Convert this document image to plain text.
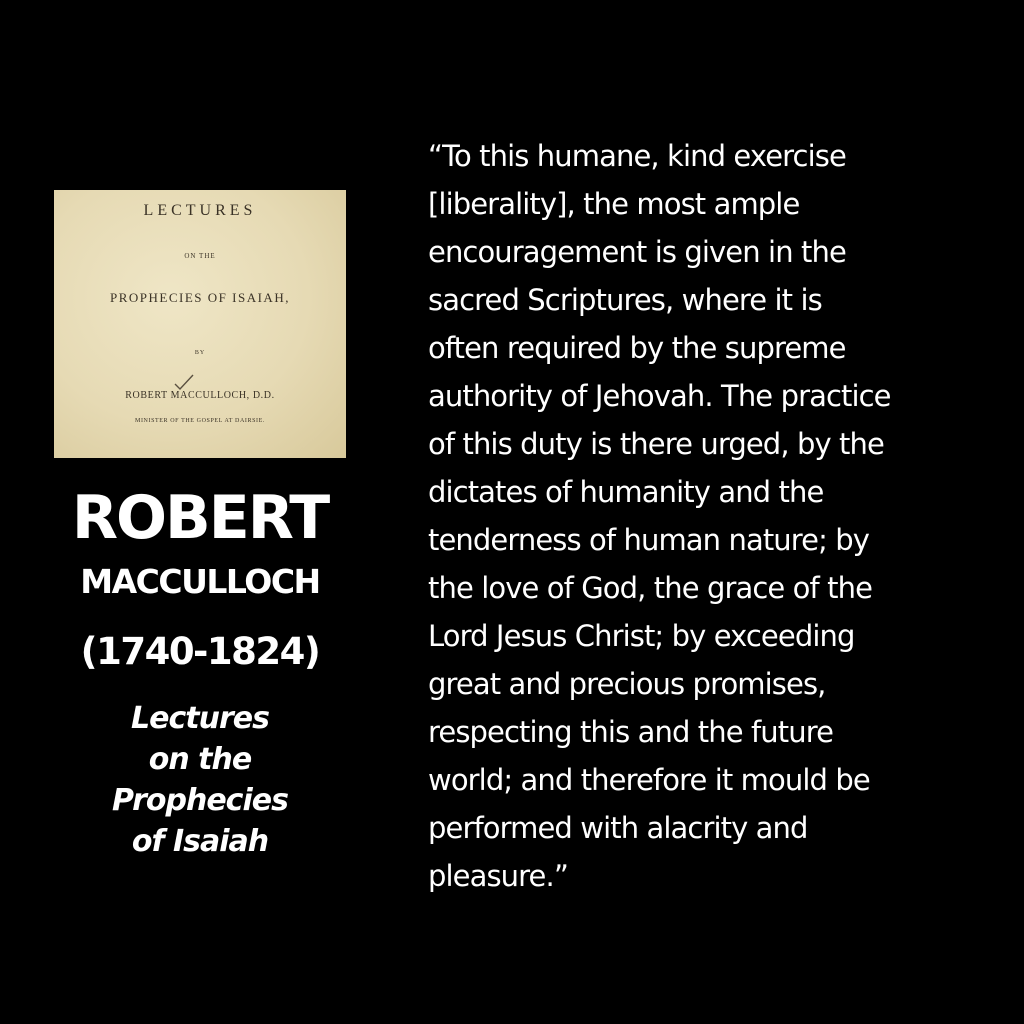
LECTURES
ON THE
PROPHECIES OF ISAIAH,
BY
ROBERT MACCULLOCH, D.D.
MINISTER OF THE GOSPEL AT DAIRSIE.
ROBERT
MACCULLOCH
(1740-1824)
Lectures
on the
Prophecies
of Isaiah
“To this humane, kind exercise
[liberality], the most ample
encouragement is given in the
sacred Scriptures, where it is
often required by the supreme
authority of Jehovah. The practice
of this duty is there urged, by the
dictates of humanity and the
tenderness of human nature; by
the love of God, the grace of the
Lord Jesus Christ; by exceeding
great and precious promises,
respecting this and the future
world; and therefore it mould be
performed with alacrity and
pleasure.”
